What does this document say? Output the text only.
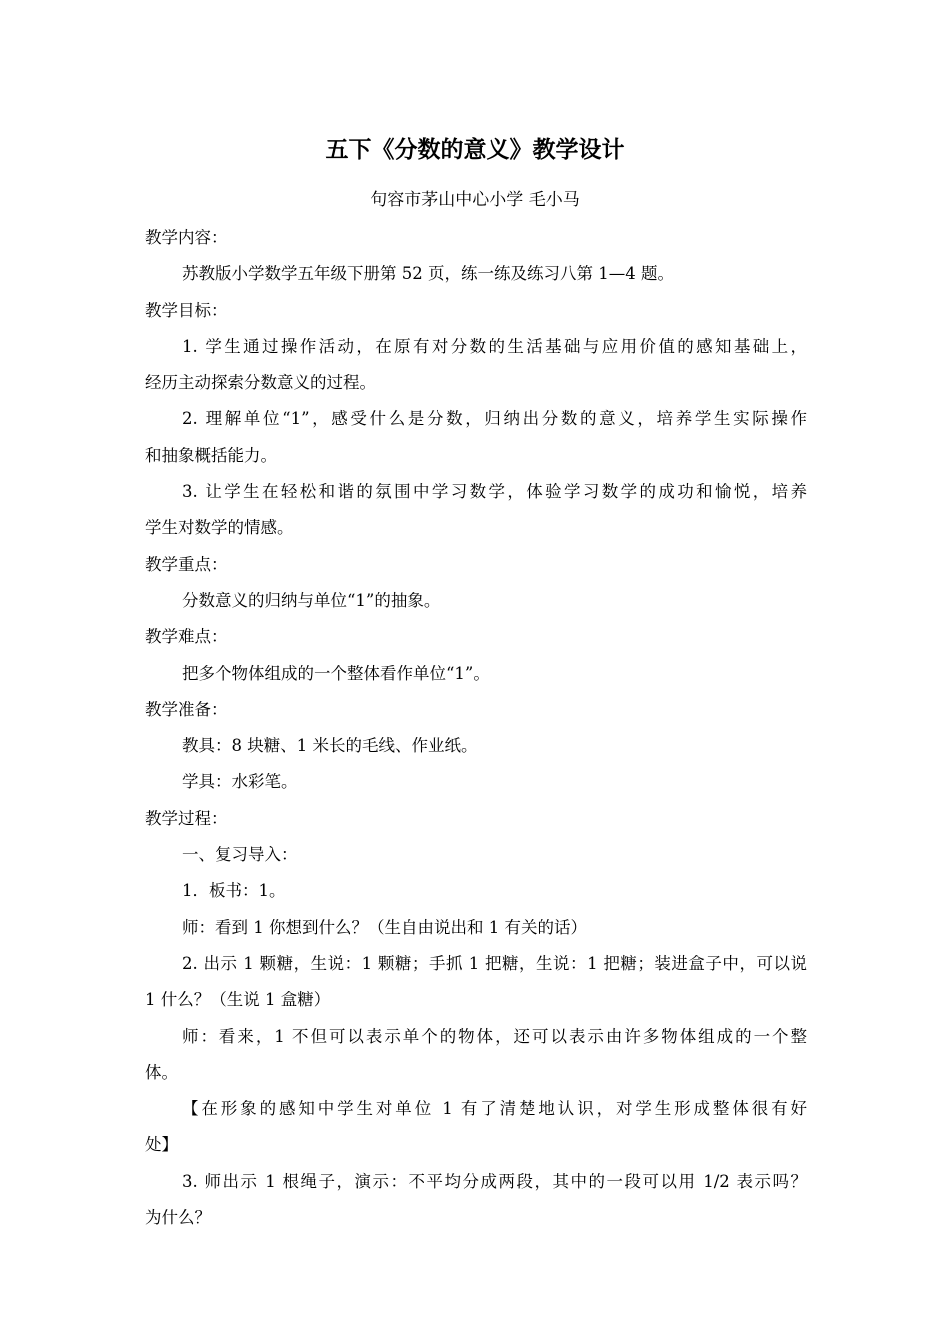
五下《分数的意义》教学设计
句容市茅山中心小学 毛小马
教学内容：
苏教版小学数学五年级下册第 52 页，练一练及练习八第 1—4 题。
教学目标：
1. 学生通过操作活动，在原有对分数的生活基础与应用价值的感知基础上，
经历主动探索分数意义的过程。
2. 理解单位“1”，感受什么是分数，归纳出分数的意义，培养学生实际操作
和抽象概括能力。
3. 让学生在轻松和谐的氛围中学习数学，体验学习数学的成功和愉悦，培养
学生对数学的情感。
教学重点：
分数意义的归纳与单位“1”的抽象。
教学难点：
把多个物体组成的一个整体看作单位“1”。
教学准备：
教具：8 块糖、1 米长的毛线、作业纸。
学具：水彩笔。
教学过程：
一、复习导入：
1．板书：1。
师：看到 1 你想到什么？（生自由说出和 1 有关的话）
2. 出示 1 颗糖，生说：1 颗糖；手抓 1 把糖，生说：1 把糖；装进盒子中，可以说
1 什么？（生说 1 盒糖）
师：看来，1 不但可以表示单个的物体，还可以表示由许多物体组成的一个整
体。
【在形象的感知中学生对单位 1 有了清楚地认识，对学生形成整体很有好
处】
3. 师出示 1 根绳子，演示：不平均分成两段，其中的一段可以用 1/2 表示吗？
为什么？
